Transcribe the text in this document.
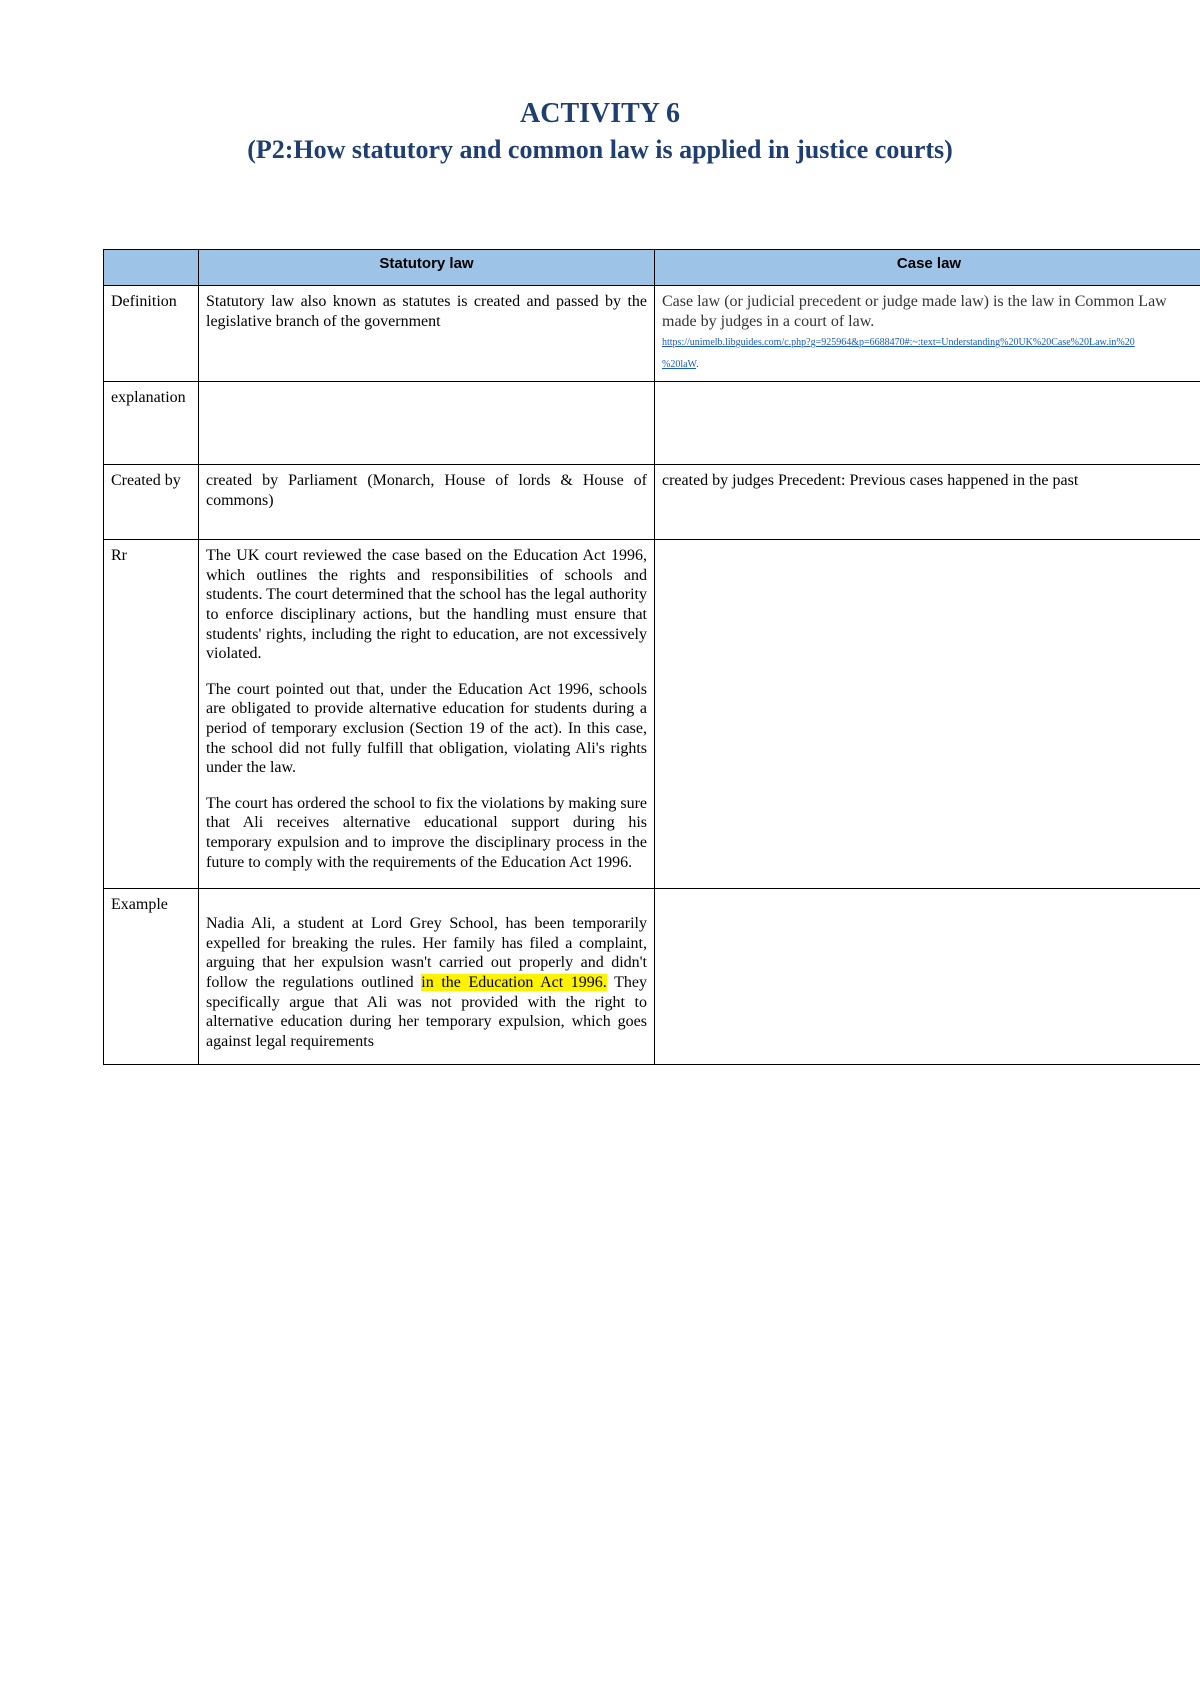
ACTIVITY 6
(P2:How statutory and common law is applied in justice courts)
	Statutory law	Case law
Definition	Statutory law also known as statutes is created and passed by the legislative branch of the government	Case law (or judicial precedent or judge made law) is the law in Common Law made by judges in a court of law.
https://unimelb.libguides.com/c.php?g=925964&p=6688470#:~:text=Understanding%20UK%20Case%20Law.in%20
%20laW.
explanation		
Created by	created by Parliament (Monarch, House of lords & House of commons)	created by judges Precedent: Previous cases happened in the past
Rr	The UK court reviewed the case based on the Education Act 1996, which outlines the rights and responsibilities of schools and students. The court determined that the school has the legal authority to enforce disciplinary actions, but the handling must ensure that students' rights, including the right to education, are not excessively violated.

The court pointed out that, under the Education Act 1996, schools are obligated to provide alternative education for students during a period of temporary exclusion (Section 19 of the act). In this case, the school did not fully fulfill that obligation, violating Ali's rights under the law.

The court has ordered the school to fix the violations by making sure that Ali receives alternative educational support during his temporary expulsion and to improve the disciplinary process in the future to comply with the requirements of the Education Act 1996.	

Example	Nadia Ali, a student at Lord Grey School, has been temporarily expelled for breaking the rules. Her family has filed a complaint, arguing that her expulsion wasn't carried out properly and didn't follow the regulations outlined in the Education Act 1996. They specifically argue that Ali was not provided with the right to alternative education during her temporary expulsion, which goes against legal requirements	
